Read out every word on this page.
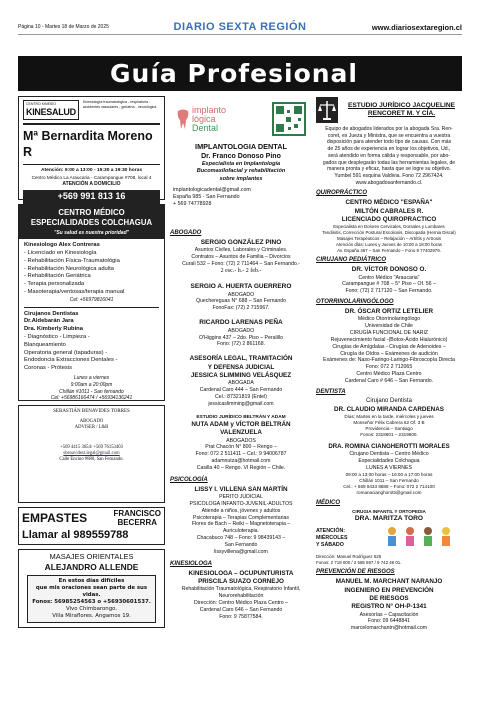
Página 10 - Martes 18 de Marzo de 2025	DIARIO SEXTA REGIÓN	www.diariosextaregion.cl
Guía Profesional
CENTRO KINESIO
KINESALUD
Kinesiología traumatológica - respiratoria - accidentes vasculares - geriatría - neurológica
Mª Bernardita Moreno R
Atención: 9:00 a 13:00 - 15:30 a 19:30 horas
Centro Médico La Araucaria - Carampangue #708, local 4
ATENCIÓN A DOMICILIO
+569 991 813 16
CENTRO MÉDICO
ESPECIALIDADES COLCHAGUA
"Su salud es nuestra prioridad"
Kinesiologo Alex Contreras
- Licenciado en Kinesiología
- Rehabilitación Física-Traumatológia
- Rehabilitación Neurológica adulta
- Rehabilitación Geriátrica
- Terapia personalizada
- Masoterapia/ventosas/terapia manual
Cel: +56979816041
Cirujanos Dentistas
Dr.Aldebarán Jara
Dra. Kimberly Rubina
- Diagnóstico - Limpieza -
Blanqueamiento
Operatoria general (tapaduras) -
Endodoncia Extracciones Dentales -
Coronas - Prótesis
Lunes a viernes
9:00am a 20:00pm
Chillán #1011 - San fernando
Cel: +56986166474 / +56934136241
SEBASTIÁN BENAVIDES TORRES
ABOGADO
ADVISER / L&B
+569 4415 3654/ +569 76153403
sbenavidest.legal@gmail.com
Calle Encino #880, San Fernando.
EMPASTES	FRANCISCO
BECERRA
Llamar al 989559788
MASAJES ORIENTALES
ALEJANDRO ALLENDE
En estos días difíciles
que mis oraciones sean parte de sus vidas.
Fonos: 56985254563 o +56930601537.
Vivo Chimbarongo.
Villa Miraflores. Angamos 19.
implanto
lógica
Dental
IMPLANTOLOGIA DENTAL
Dr. Franco Donoso Pino
Especialista en Implantología
Bucomaxilofacial y rehabilitación
sobre implantes
implantologicadental@gmail.com
España 985 - San Fernando
+ 569 74778928
ABOGADO
SERGIO GONZÁLEZ PINO
Asuntos Civiles, Laborales y Criminales.
Contratos – Asuntos de Familia – Divorcios
Curali 532 – Fono: (72) 2 711464 – San Fernando.-
2 esc.- h.- 2 feb.-
SERGIO A. HUERTA GUERRERO
ABOGADO
Quechereguas N° 688 – San Fernando
FonoFax: (72) 2 715967.
RICARDO LARENAS PEÑA
ABOGADO
O'Higgins 437 – 2do. Piso – Peralillo
Fono: (72) 2 861168.
ASESORÍA LEGAL, TRAMITACIÓN
Y DEFENSA JUDICIAL
JESSICA SLIMMING VELÁSQUEZ
ABOGADA
Cardenal Caro 444 – San Fernando
Cel.: 87321819 (Entel)
jessicaslimming@gmail.com
ESTUDIO JURÍDICO BELTRÁN Y ADAM
NUTA ADAM y VÍCTOR BELTRÁN
VALENZUELA
ABOGADOS
Prat Chacón N° 800 – Rengo –
Fono: 072 2 511411 – Cel.: 9 94006787
adamnutza@hotmail.com
Casilla 40 – Rengo. VI Región – Chile.
PSICOLOGÍA
LISSY I. VILLENA SAN MARTÍN
PERITO JUDICIAL
PSICOLOGA INFANTO-JUVENIL-ADULTOS
Atiende a niños, jóvenes y adultos
Psicoterapia – Terapias Complementarias
Flores de Bach – Reiki – Magnetoterapia –
Auriculoterapia.
Chacabuco 748 – Fono: 9 98439143 –
San Fernando
lissyvillena@gmail.com
KINESIOLOGA
KINESIOLOGA – OCUPUNTURISTA
PRISCILA SUAZO CORNEJO
Rehabilitación Traumatológica, Respiratorio Infantil,
Neurorehabilitación
Dirección: Centro Médico Plaza Centro –
Cardenal Caro 646 – San Fernando
Fono: 9 75877584.
ESTUDIO JURÍDICO JACQUELINE RENCORET M. Y CÍA.
Equipo de abogados liderados por la abogada Sra. Ren-
coret, ex Jueza y Ministra, que se encuentra a vuestra
disposición para atender todo tipo de causas. Con más
de 25 años de experiencia en lograr los objetivos, Ud.,
será atendido en forma cálida y responsable, por abo-
gados que desplegarán todas las herramientas legales, de
manera pronta y eficaz, hasta que se logre su objetivo.
Yumbel 591 esquina Valdivia. Fono 72 2967424.
www.abogadosanfernando.cl.
QUIROPRÁCTICO
CENTRO MÉDICO "ESPAÑA"
MILTÓN CABRALES R.
LICENCIADO QUIROPRACTICO
Especialista en Dolores Cervicales, Dorsales y Lumbares
Tendinitis, Corrección Postural Escoliosis, Discopatía (Hernia Discal)
Masajes Terapéuticos – Relajación – Artritis y Artrosis
Atención días: Lunes y Jueves de 10:00 a 18:00 horas
Av. España 467 – San Fernando – Fono 9 77402979.
CIRUJANO PEDIÁTRICO
DR. VÍCTOR DONOSO O.
Centro Médico "Araucaria"
Carampangue # 708 – 5° Piso – Of. 56 –
Fono: (72) 2 717120 – San Fernando.
OTORRINOLARINGÓLOGO
DR. ÓSCAR ORTIZ LETELIER
Médico Otorrinolaringólogo
Universidad de Chile
CIRUGÍA FUNCIONAL DE NARIZ
Rejuvenecimiento facial -(Botox-Ácido Hialurónico)
Cirugías de Amígdalas - Cirugías de Adenoides –
Cirugía de Oídos – Exámenes de audición
Exámenes de: Naso-Faringo-Laringo-Fibroscopía Directa
Fono: 072 2 712065
Centro Médico Plaza Centro
Cardenal Caro # 646 – San Fernando.
DENTISTA
Cirujano Dentista
DR. CLAUDIO MIRANDA CARDENAS
Días: Martes en la tarde, miércoles y jueves
Monseñor Félix Cabrera 62 Of. 3 B
Providencia – Santiago
Fonos: 2318601 – 2319600.
DRA. ROMINA CIANGHEROTTI MORALES
Cirujano Dentista – Centro Médico
Especialidades Colchagua
LUNES A VIERNES
09:00 a 13:00 horas – 16:00 a 17:00 horas
Chillán 1011 – San Fernando
Cel.: + 569 9433 8888 – Fono: 072 2 714100
romanacianghorotti@gmail.com
MÉDICO
CIRUGIA INFANTIL Y ORTOPEDIA
DRA. MARITZA TORO
ATENCIÓN:
MIÉRCOLES
Y SÁBADO
Dirección: Manuel Rodríguez 525
Fonos: 2 718 000 / 2 585 597 / 9 742 48 01.
PREVENCIÓN DE RIESGOS
MANUEL M. MARCHANT NARANJO
INGENIERO EN PREVENCIÓN
DE RIESGOS
REGISTRO N° OH-P-1341
Asesorías – Capacitación
Fono: 09 6448841
marcelomarchantn@hotmail.com
